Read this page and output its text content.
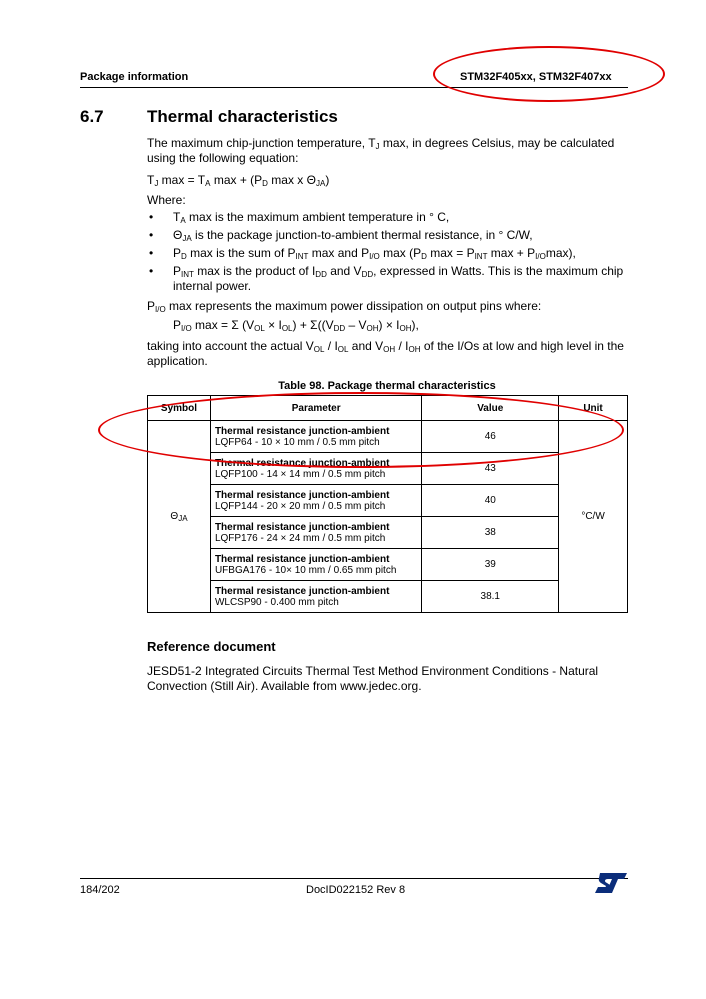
Package information	STM32F405xx, STM32F407xx
6.7	Thermal characteristics
The maximum chip-junction temperature, $T_J$ max, in degrees Celsius, may be calculated
using the following equation:
$T_J$ $\max = T_A$ $\max + (P_D$ max x $\Theta_{JA}$)
Where:
• $T_A$ max is the maximum ambient temperature in ° C,
• $\Theta_{JA}$ is the package junction-to-ambient thermal resistance, in ° C/W,
• $P_D$ max is the sum of $P_{INT}$ max and $P_{I/O}$ $\max (P_D$ $\max = P_{INT}$ $\max + P_{I/O}\max$),
• $P_{INT}$ max is the product of $I_{DD}$ and $V_{DD}$, expressed in Watts. This is the maximum chip
internal power.
$P_{I/O}$ max represents the maximum power dissipation on output pins where:
$P_{I/O}$ max = Σ $(V_{OL} \times I_{OL}) + \Sigma((V_{DD} - V_{OH}) \times I_{OH})$,
taking into account the actual $V_{OL} / I_{OL}$ and $V_{OH} / I_{OH}$ of the I/Os at low and high level in the
application.
Table 98. Package thermal characteristics
Symbol	Parameter	Value	Unit
$\Theta_{JA}$	Thermal resistance junction-ambient
LQFP64 - 10 × 10 mm / 0.5 mm pitch	46	°C/W

	Thermal resistance junction-ambient
LQFP100 - 14 × 14 mm / 0.5 mm pitch	43	

	Thermal resistance junction-ambient
LQFP144 - 20 × 20 mm / 0.5 mm pitch	40	

	Thermal resistance junction-ambient
LQFP176 - 24 × 24 mm / 0.5 mm pitch	38	

	Thermal resistance junction-ambient
UFBGA176 - 10× 10 mm / 0.65 mm pitch	39	

	Thermal resistance junction-ambient
WLCSP90 - 0.400 mm pitch	38.1	
Reference document
JESD51-2 Integrated Circuits Thermal Test Method Environment Conditions - Natural
Convection (Still Air). Available from www.jedec.org.
184/202	DocID022152 Rev 8
